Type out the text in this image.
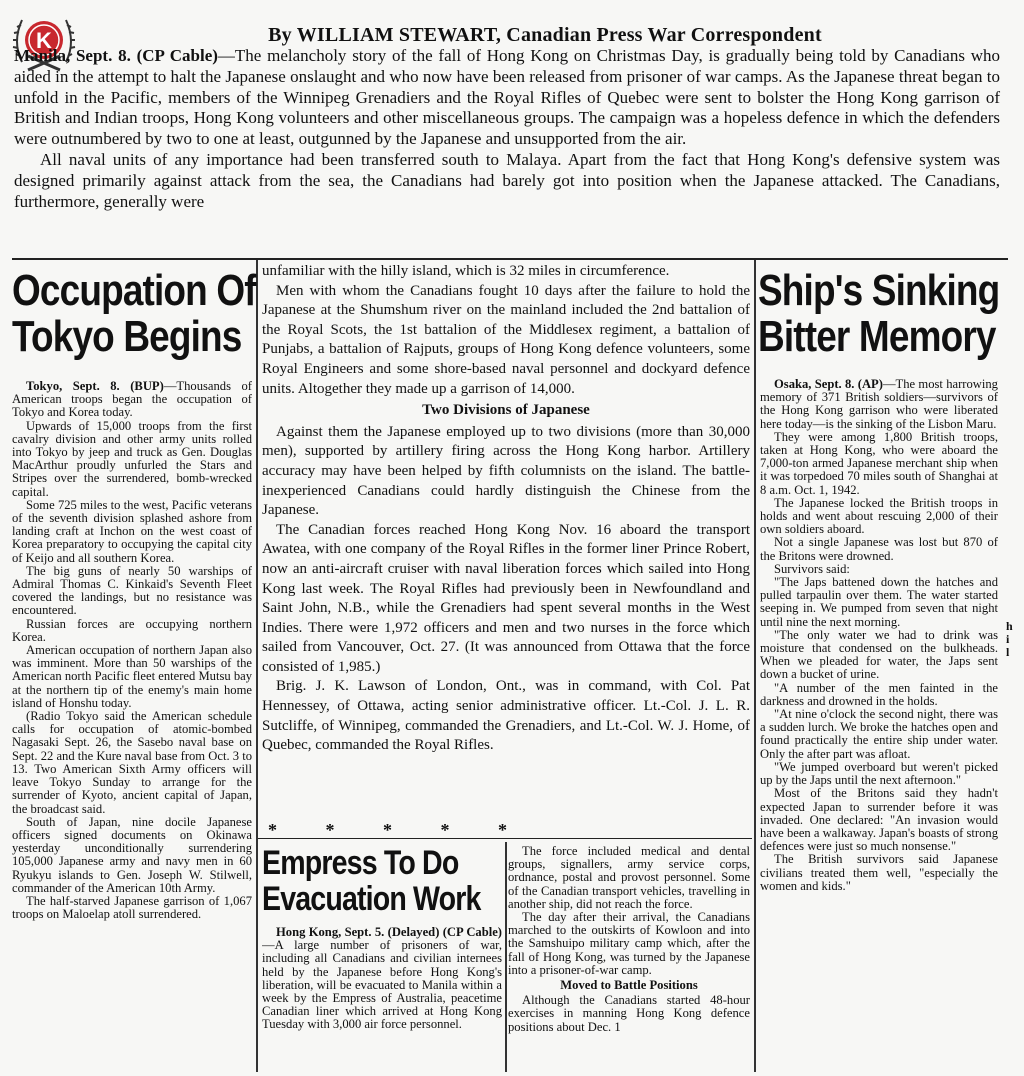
K	By WILLIAM STEWART, Canadian Press War Correspondent

Manila, Sept. 8. (CP Cable)—The melancholy story of the fall of Hong Kong on Christmas Day, is gradually being told by Canadians who aided in the attempt to halt the Japanese onslaught and who now have been released from prisoner of war camps. As the Japanese threat began to unfold in the Pacific, members of the Winnipeg Grenadiers and the Royal Rifles of Quebec were sent to bolster the Hong Kong garrison of British and Indian troops, Hong Kong volunteers and other miscellaneous groups. The campaign was a hopeless defence in which the defenders were outnumbered by two to one at least, outgunned by the Japanese and unsupported from the air.

All naval units of any importance had been transferred south to Malaya. Apart from the fact that Hong Kong's defensive system was designed primarily against attack from the sea, the Canadians had barely got into position when the Japanese attacked. The Canadians, furthermore, generally were

Occupation Of Tokyo Begins

Tokyo, Sept. 8. (BUP)—Thousands of American troops began the occupation of Tokyo and Korea today.

Upwards of 15,000 troops from the first cavalry division and other army units rolled into Tokyo by jeep and truck as Gen. Douglas MacArthur proudly unfurled the Stars and Stripes over the surrendered, bomb-wrecked capital.

Some 725 miles to the west, Pacific veterans of the seventh division splashed ashore from landing craft at Inchon on the west coast of Korea preparatory to occupying the capital city of Keijo and all southern Korea.

The big guns of nearly 50 warships of Admiral Thomas C. Kinkaid's Seventh Fleet covered the landings, but no resistance was encountered.

Russian forces are occupying northern Korea.

American occupation of northern Japan also was imminent. More than 50 warships of the American north Pacific fleet entered Mutsu bay at the northern tip of the enemy's main home island of Honshu today.

(Radio Tokyo said the American schedule calls for occupation of atomic-bombed Nagasaki Sept. 26, the Sasebo naval base on Sept. 22 and the Kure naval base from Oct. 3 to 13. Two American Sixth Army officers will leave Tokyo Sunday to arrange for the surrender of Kyoto, ancient capital of Japan, the broadcast said.

South of Japan, nine docile Japanese officers signed documents on Okinawa yesterday unconditionally surrendering 105,000 Japanese army and navy men in 60 Ryukyu islands to Gen. Joseph W. Stilwell, commander of the American 10th Army.

The half-starved Japanese garrison of 1,067 troops on Maloelap atoll surrendered.

unfamiliar with the hilly island, which is 32 miles in circumference.

Men with whom the Canadians fought 10 days after the failure to hold the Japanese at the Shumshum river on the mainland included the 2nd battalion of the Royal Scots, the 1st battalion of the Middlesex regiment, a battalion of Punjabs, a battalion of Rajputs, groups of Hong Kong defence volunteers, some Royal Engineers and some shore-based naval personnel and dockyard defence units. Altogether they made up a garrison of 14,000.

Two Divisions of Japanese

Against them the Japanese employed up to two divisions (more than 30,000 men), supported by artillery firing across the Hong Kong harbor. Artillery accuracy may have been helped by fifth columnists on the island. The battle-inexperienced Canadians could hardly distinguish the Chinese from the Japanese.

The Canadian forces reached Hong Kong Nov. 16 aboard the transport Awatea, with one company of the Royal Rifles in the former liner Prince Robert, now an anti-aircraft cruiser with naval liberation forces which sailed into Hong Kong last week. The Royal Rifles had previously been in Newfoundland and Saint John, N.B., while the Grenadiers had spent several months in the West Indies. There were 1,972 officers and men and two nurses in the force which sailed from Vancouver, Oct. 27. (It was announced from Ottawa that the force consisted of 1,985.)

Brig. J. K. Lawson of London, Ont., was in command, with Col. Pat Hennessey, of Ottawa, acting senior administrative officer. Lt.-Col. J. L. R. Sutcliffe, of Winnipeg, commanded the Grenadiers, and Lt.-Col. W. J. Home, of Quebec, commanded the Royal Rifles.

* * * * *
Empress To Do Evacuation Work

Hong Kong, Sept. 5. (Delayed) (CP Cable)—A large number of prisoners of war, including all Canadians and civilian internees held by the Japanese before Hong Kong's liberation, will be evacuated to Manila within a week by the Empress of Australia, peacetime Canadian liner which arrived at Hong Kong Tuesday with 3,000 air force personnel.

The force included medical and dental groups, signallers, army service corps, ordnance, postal and provost personnel. Some of the Canadian transport vehicles, travelling in another ship, did not reach the force.

The day after their arrival, the Canadians marched to the outskirts of Kowloon and into the Samshuipo military camp which, after the fall of Hong Kong, was turned by the Japanese into a prisoner-of-war camp.

Moved to Battle Positions

Although the Canadians started 48-hour exercises in manning Hong Kong defence positions about Dec. 1

Ship's Sinking Bitter Memory

Osaka, Sept. 8. (AP)—The most harrowing memory of 371 British soldiers—survivors of the Hong Kong garrison who were liberated here today—is the sinking of the Lisbon Maru.

They were among 1,800 British troops, taken at Hong Kong, who were aboard the 7,000-ton armed Japanese merchant ship when it was torpedoed 70 miles south of Shanghai at 8 a.m. Oct. 1, 1942.

The Japanese locked the British troops in holds and went about rescuing 2,000 of their own soldiers aboard.

Not a single Japanese was lost but 870 of the Britons were drowned.

Survivors said:

"The Japs battened down the hatches and pulled tarpaulin over them. The water started seeping in. We pumped from seven that night until nine the next morning.

"The only water we had to drink was moisture that condensed on the bulkheads. When we pleaded for water, the Japs sent down a bucket of urine.

"A number of the men fainted in the darkness and drowned in the holds.

"At nine o'clock the second night, there was a sudden lurch. We broke the hatches open and found practically the entire ship under water. Only the after part was afloat.

"We jumped overboard but weren't picked up by the Japs until the next afternoon."

Most of the Britons said they hadn't expected Japan to surrender before it was invaded. One declared: "An invasion would have been a walkaway. Japan's boasts of strong defences were just so much nonsense."

The British survivors said Japanese civilians treated them well, "especially the women and kids."

h
i
l
